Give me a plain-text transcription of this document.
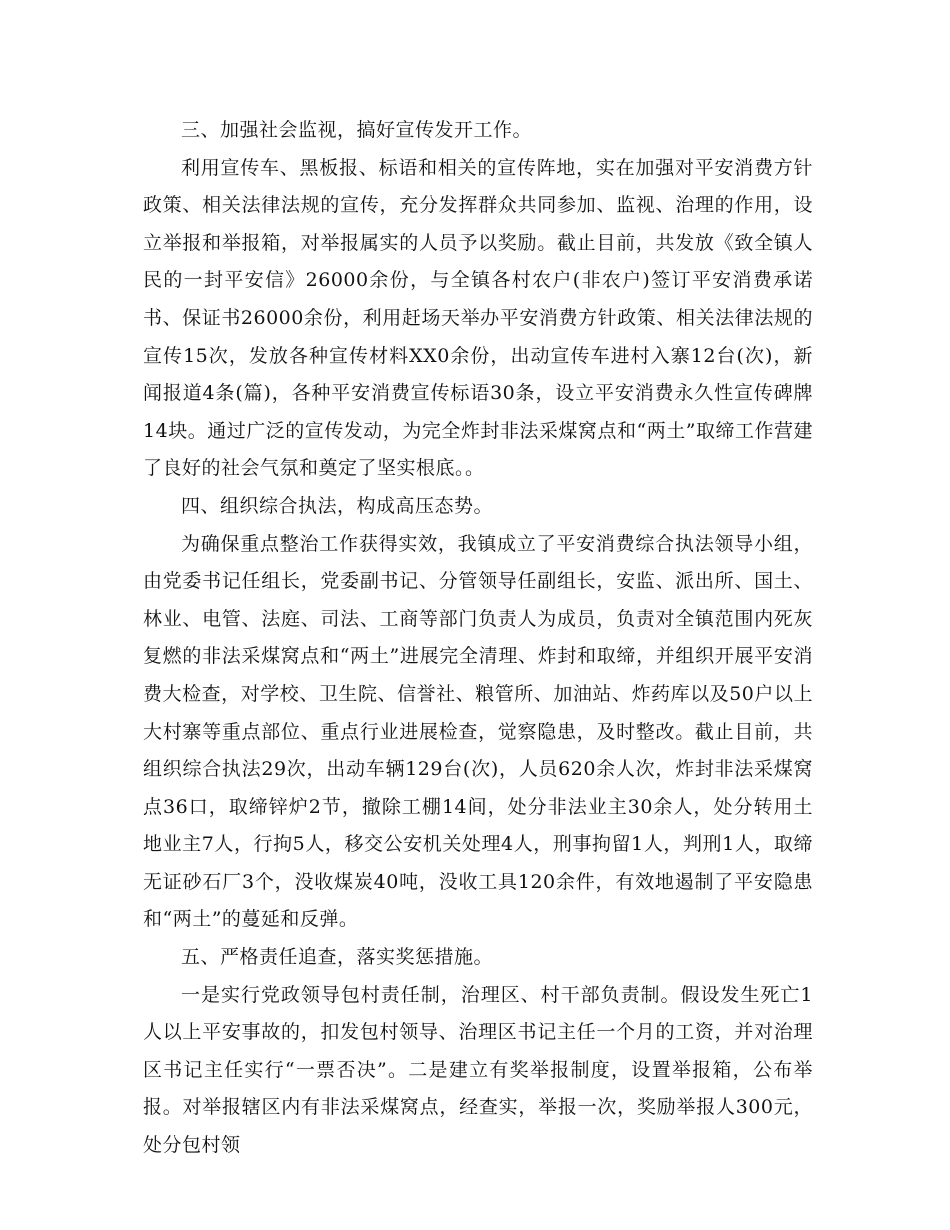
三、加强社会监视，搞好宣传发开工作。

利用宣传车、黑板报、标语和相关的宣传阵地，实在加强对平安消费方针政策、相关法律法规的宣传，充分发挥群众共同参加、监视、治理的作用，设立举报和举报箱，对举报属实的人员予以奖励。截止目前，共发放《致全镇人民的一封平安信》26000余份，与全镇各村农户(非农户)签订平安消费承诺书、保证书26000余份，利用赶场天举办平安消费方针政策、相关法律法规的宣传15次，发放各种宣传材料XX0余份，出动宣传车进村入寨12台(次)，新闻报道4条(篇)，各种平安消费宣传标语30条，设立平安消费永久性宣传碑牌14块。通过广泛的宣传发动，为完全炸封非法采煤窝点和“两土”取缔工作营建了良好的社会气氛和奠定了坚实根底。。

四、组织综合执法，构成高压态势。

为确保重点整治工作获得实效，我镇成立了平安消费综合执法领导小组，由党委书记任组长，党委副书记、分管领导任副组长，安监、派出所、国土、林业、电管、法庭、司法、工商等部门负责人为成员，负责对全镇范围内死灰复燃的非法采煤窝点和“两土”进展完全清理、炸封和取缔，并组织开展平安消费大检查，对学校、卫生院、信誉社、粮管所、加油站、炸药库以及50户以上大村寨等重点部位、重点行业进展检查，觉察隐患，及时整改。截止目前，共组织综合执法29次，出动车辆129台(次)，人员620余人次，炸封非法采煤窝点36口，取缔锌炉2节，撤除工棚14间，处分非法业主30余人，处分转用土地业主7人，行拘5人，移交公安机关处理4人，刑事拘留1人，判刑1人，取缔无证砂石厂3个，没收煤炭40吨，没收工具120余件，有效地遏制了平安隐患和“两土”的蔓延和反弹。

五、严格责任追查，落实奖惩措施。

一是实行党政领导包村责任制，治理区、村干部负责制。假设发生死亡1人以上平安事故的，扣发包村领导、治理区书记主任一个月的工资，并对治理区书记主任实行“一票否决”。二是建立有奖举报制度，设置举报箱，公布举报。对举报辖区内有非法采煤窝点，经查实，举报一次，奖励举报人300元，处分包村领
